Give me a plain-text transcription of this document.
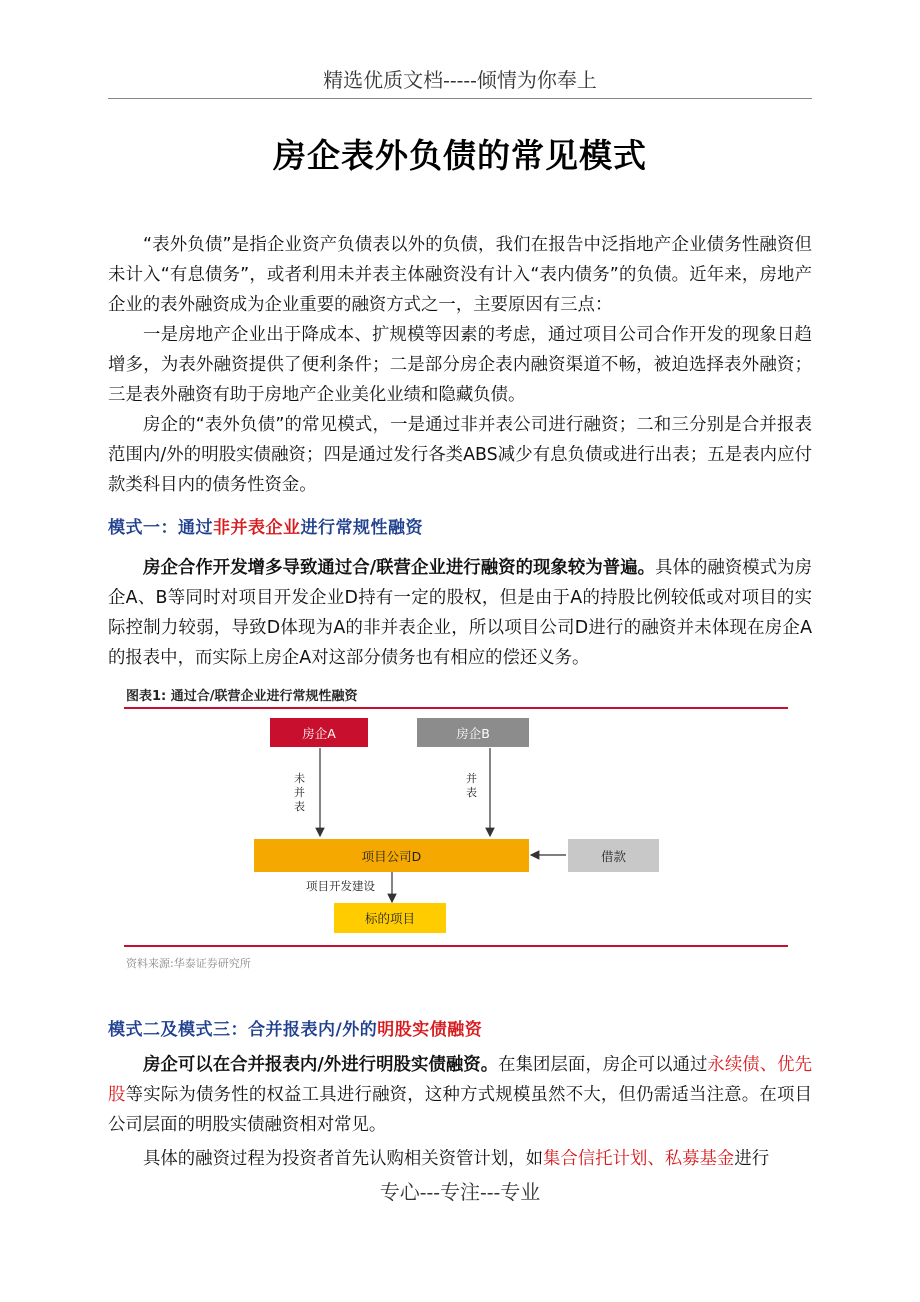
精选优质文档-----倾情为你奉上
房企表外负债的常见模式
“表外负债”是指企业资产负债表以外的负债，我们在报告中泛指地产企业债务性融资但未计入“有息债务”，或者利用未并表主体融资没有计入“表内债务”的负债。近年来，房地产企业的表外融资成为企业重要的融资方式之一，主要原因有三点：
一是房地产企业出于降成本、扩规模等因素的考虑，通过项目公司合作开发的现象日趋增多，为表外融资提供了便利条件；二是部分房企表内融资渠道不畅，被迫选择表外融资；三是表外融资有助于房地产企业美化业绩和隐藏负债。
房企的“表外负债”的常见模式，一是通过非并表公司进行融资；二和三分别是合并报表范围内/外的明股实债融资；四是通过发行各类ABS减少有息负债或进行出表；五是表内应付款类科目内的债务性资金。
模式一：通过非并表企业进行常规性融资
房企合作开发增多导致通过合/联营企业进行融资的现象较为普遍。具体的融资模式为房企A、B等同时对项目开发企业D持有一定的股权，但是由于A的持股比例较低或对项目的实际控制力较弱，导致D体现为A的非并表企业，所以项目公司D进行的融资并未体现在房企A的报表中，而实际上房企A对这部分债务也有相应的偿还义务。
图表1: 通过合/联营企业进行常规性融资
房企A	房企B
未
并
表
并
表
项目公司D	借款
项目开发建设
标的项目
资料来源:华泰证券研究所
模式二及模式三：合并报表内/外的明股实债融资
房企可以在合并报表内/外进行明股实债融资。在集团层面，房企可以通过永续债、优先股等实际为债务性的权益工具进行融资，这种方式规模虽然不大，但仍需适当注意。在项目公司层面的明股实债融资相对常见。
具体的融资过程为投资者首先认购相关资管计划，如集合信托计划、私募基金进行
专心---专注---专业
